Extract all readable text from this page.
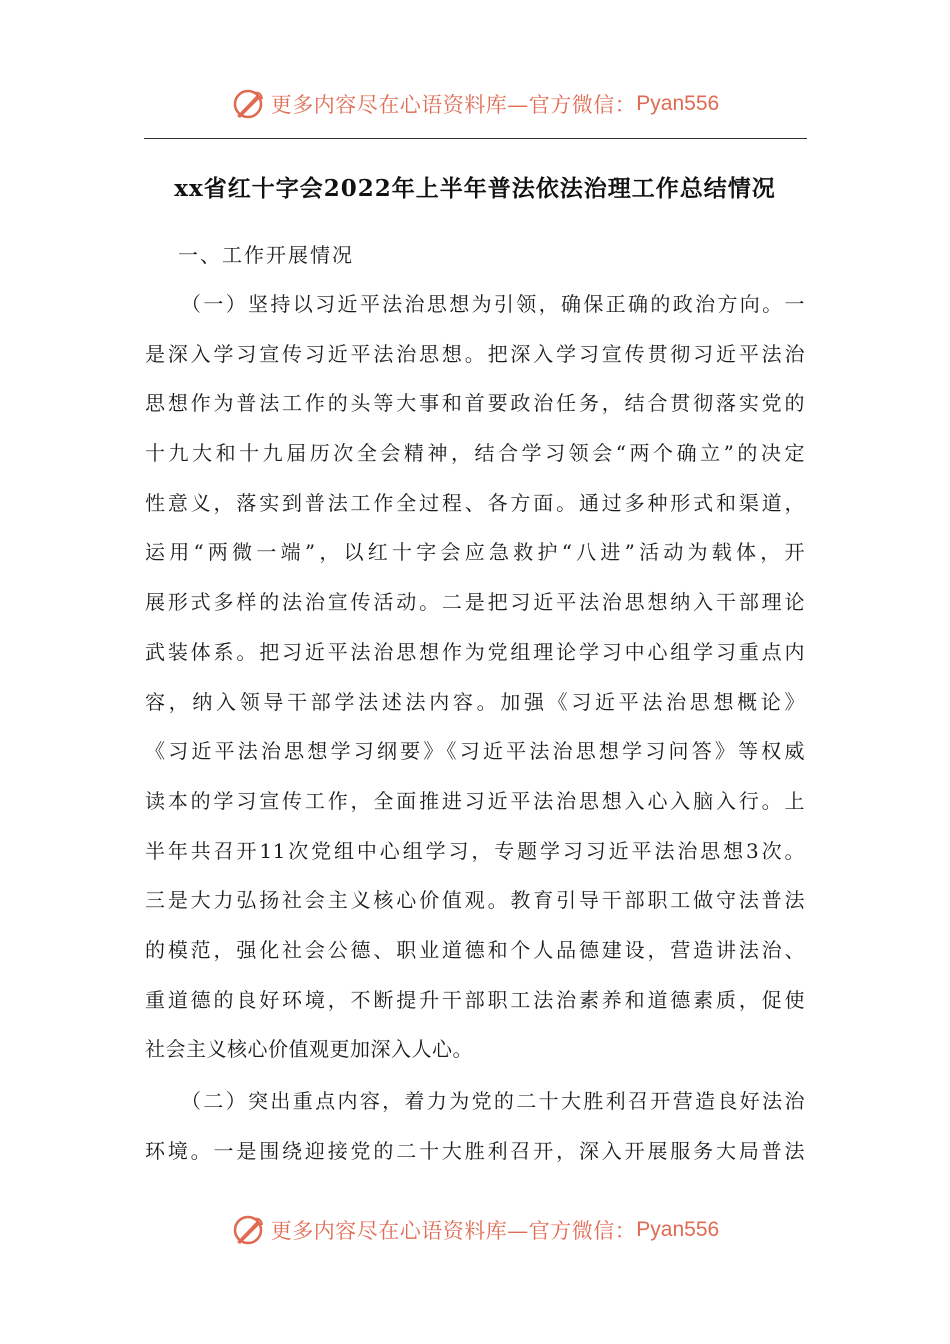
更多内容尽在心语资料库—官方微信： Pyan556
xx省红十字会2022年上半年普法依法治理工作总结情况
一、工作开展情况
（一）坚持以习近平法治思想为引领，确保正确的政治方向。一
是深入学习宣传习近平法治思想。把深入学习宣传贯彻习近平法治
思想作为普法工作的头等大事和首要政治任务，结合贯彻落实党的
十九大和十九届历次全会精神，结合学习领会“两个确立”的决定
性意义，落实到普法工作全过程、各方面。通过多种形式和渠道，
运用“两微一端”，以红十字会应急救护“八进”活动为载体，开
展形式多样的法治宣传活动。二是把习近平法治思想纳入干部理论
武装体系。把习近平法治思想作为党组理论学习中心组学习重点内
容，纳入领导干部学法述法内容。加强《习近平法治思想概论》
《习近平法治思想学习纲要》《习近平法治思想学习问答》等权威
读本的学习宣传工作，全面推进习近平法治思想入心入脑入行。上
半年共召开11次党组中心组学习，专题学习习近平法治思想3次。
三是大力弘扬社会主义核心价值观。教育引导干部职工做守法普法
的模范，强化社会公德、职业道德和个人品德建设，营造讲法治、
重道德的良好环境，不断提升干部职工法治素养和道德素质，促使
社会主义核心价值观更加深入人心。
（二）突出重点内容，着力为党的二十大胜利召开营造良好法治
环境。一是围绕迎接党的二十大胜利召开，深入开展服务大局普法
更多内容尽在心语资料库—官方微信： Pyan556
